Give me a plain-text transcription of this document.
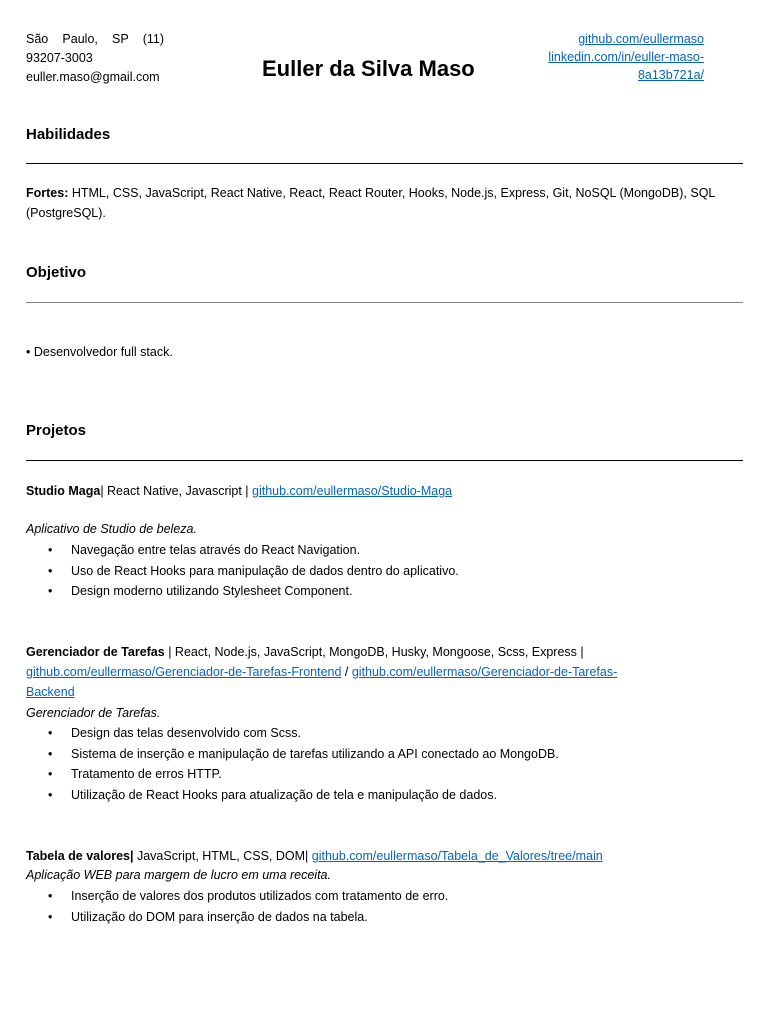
São Paulo, SP (11)
93207-3003
euller.maso@gmail.com	Euller da Silva Maso
github.com/eullermaso
linkedin.com/in/euller-maso-
8a13b721a/
Habilidades
Fortes: HTML, CSS, JavaScript, React Native, React, React Router, Hooks, Node.js, Express, Git, NoSQL (MongoDB), SQL
(PostgreSQL).
Objetivo
• Desenvolvedor full stack.
Projetos
Studio Maga| React Native, Javascript | github.com/eullermaso/Studio-Maga
Aplicativo de Studio de beleza.
• Navegação entre telas através do React Navigation.
• Uso de React Hooks para manipulação de dados dentro do aplicativo.
• Design moderno utilizando Stylesheet Component.
Gerenciador de Tarefas | React, Node.js, JavaScript, MongoDB, Husky, Mongoose, Scss, Express |
github.com/eullermaso/Gerenciador-de-Tarefas-Frontend / github.com/eullermaso/Gerenciador-de-Tarefas-
Backend
Gerenciador de Tarefas.
• Design das telas desenvolvido com Scss.
• Sistema de inserção e manipulação de tarefas utilizando a API conectado ao MongoDB.
• Tratamento de erros HTTP.
• Utilização de React Hooks para atualização de tela e manipulação de dados.
Tabela de valores| JavaScript, HTML, CSS, DOM| github.com/eullermaso/Tabela_de_Valores/tree/main
Aplicação WEB para margem de lucro em uma receita.
• Inserção de valores dos produtos utilizados com tratamento de erro.
• Utilização do DOM para inserção de dados na tabela.
